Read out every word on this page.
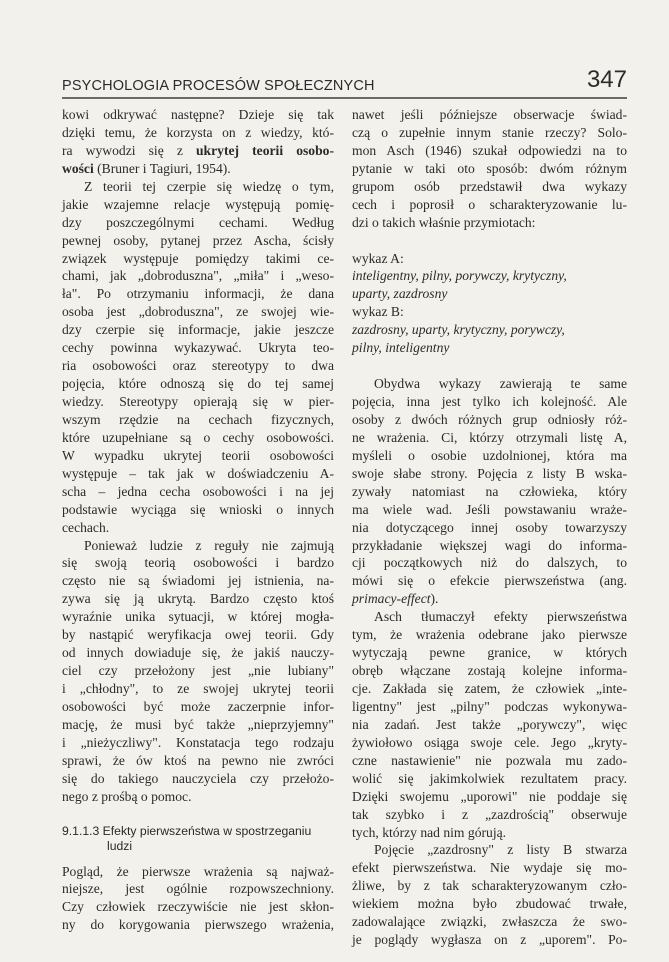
PSYCHOLOGIA PROCESÓW SPOŁECZNYCH	347
kowi odkrywać następne? Dzieje się tak
dzięki temu, że korzysta on z wiedzy, któ-
ra wywodzi się z ukrytej teorii osobo-
wości (Bruner i Tagiuri, 1954).
Z teorii tej czerpie się wiedzę o tym,
jakie wzajemne relacje występują pomię-
dzy poszczególnymi cechami. Według
pewnej osoby, pytanej przez Ascha, ścisły
związek występuje pomiędzy takimi ce-
chami, jak „dobroduszna", „miła" i „weso-
ła". Po otrzymaniu informacji, że dana
osoba jest „dobroduszna", ze swojej wie-
dzy czerpie się informacje, jakie jeszcze
cechy powinna wykazywać. Ukryta teo-
ria osobowości oraz stereotypy to dwa
pojęcia, które odnoszą się do tej samej
wiedzy. Stereotypy opierają się w pier-
wszym rzędzie na cechach fizycznych,
które uzupełniane są o cechy osobowości.
W wypadku ukrytej teorii osobowości
występuje – tak jak w doświadczeniu A-
scha – jedna cecha osobowości i na jej
podstawie wyciąga się wnioski o innych
cechach.
Ponieważ ludzie z reguły nie zajmują
się swoją teorią osobowości i bardzo
często nie są świadomi jej istnienia, na-
zywa się ją ukrytą. Bardzo często ktoś
wyraźnie unika sytuacji, w której mogła-
by nastąpić weryfikacja owej teorii. Gdy
od innych dowiaduje się, że jakiś nauczy-
ciel czy przełożony jest „nie lubiany"
i „chłodny", to ze swojej ukrytej teorii
osobowości być może zaczerpnie infor-
mację, że musi być także „nieprzyjemny"
i „nieżyczliwy". Konstatacja tego rodzaju
sprawi, że ów ktoś na pewno nie zwróci
się do takiego nauczyciela czy przełożo-
nego z prośbą o pomoc.
9.1.1.3 Efekty pierwszeństwa w spostrzeganiu
ludzi
Pogląd, że pierwsze wrażenia są najważ-
niejsze, jest ogólnie rozpowszechniony.
Czy człowiek rzeczywiście nie jest skłon-
ny do korygowania pierwszego wrażenia,
nawet jeśli późniejsze obserwacje świad-
czą o zupełnie innym stanie rzeczy? Solo-
mon Asch (1946) szukał odpowiedzi na to
pytanie w taki oto sposób: dwóm różnym
grupom osób przedstawił dwa wykazy
cech i poprosił o scharakteryzowanie lu-
dzi o takich właśnie przymiotach:
wykaz A:
inteligentny, pilny, porywczy, krytyczny,
uparty, zazdrosny
wykaz B:
zazdrosny, uparty, krytyczny, porywczy,
pilny, inteligentny
Obydwa wykazy zawierają te same
pojęcia, inna jest tylko ich kolejność. Ale
osoby z dwóch różnych grup odniosły róż-
ne wrażenia. Ci, którzy otrzymali listę A,
myśleli o osobie uzdolnionej, która ma
swoje słabe strony. Pojęcia z listy B wska-
zywały natomiast na człowieka, który
ma wiele wad. Jeśli powstawaniu wraże-
nia dotyczącego innej osoby towarzyszy
przykładanie większej wagi do informa-
cji początkowych niż do dalszych, to
mówi się o efekcie pierwszeństwa (ang.
primacy-effect).
Asch tłumaczył efekty pierwszeństwa
tym, że wrażenia odebrane jako pierwsze
wytyczają pewne granice, w których
obręb włączane zostają kolejne informa-
cje. Zakłada się zatem, że człowiek „inte-
ligentny" jest „pilny" podczas wykonywa-
nia zadań. Jest także „porywczy", więc
żywiołowo osiąga swoje cele. Jego „kryty-
czne nastawienie" nie pozwala mu zado-
wolić się jakimkolwiek rezultatem pracy.
Dzięki swojemu „uporowi" nie poddaje się
tak szybko i z „zazdrością" obserwuje
tych, którzy nad nim górują.
Pojęcie „zazdrosny" z listy B stwarza
efekt pierwszeństwa. Nie wydaje się mo-
żliwe, by z tak scharakteryzowanym czło-
wiekiem można było zbudować trwałe,
zadowalające związki, zwłaszcza że swo-
je poglądy wygłasza on z „uporem". Po-
